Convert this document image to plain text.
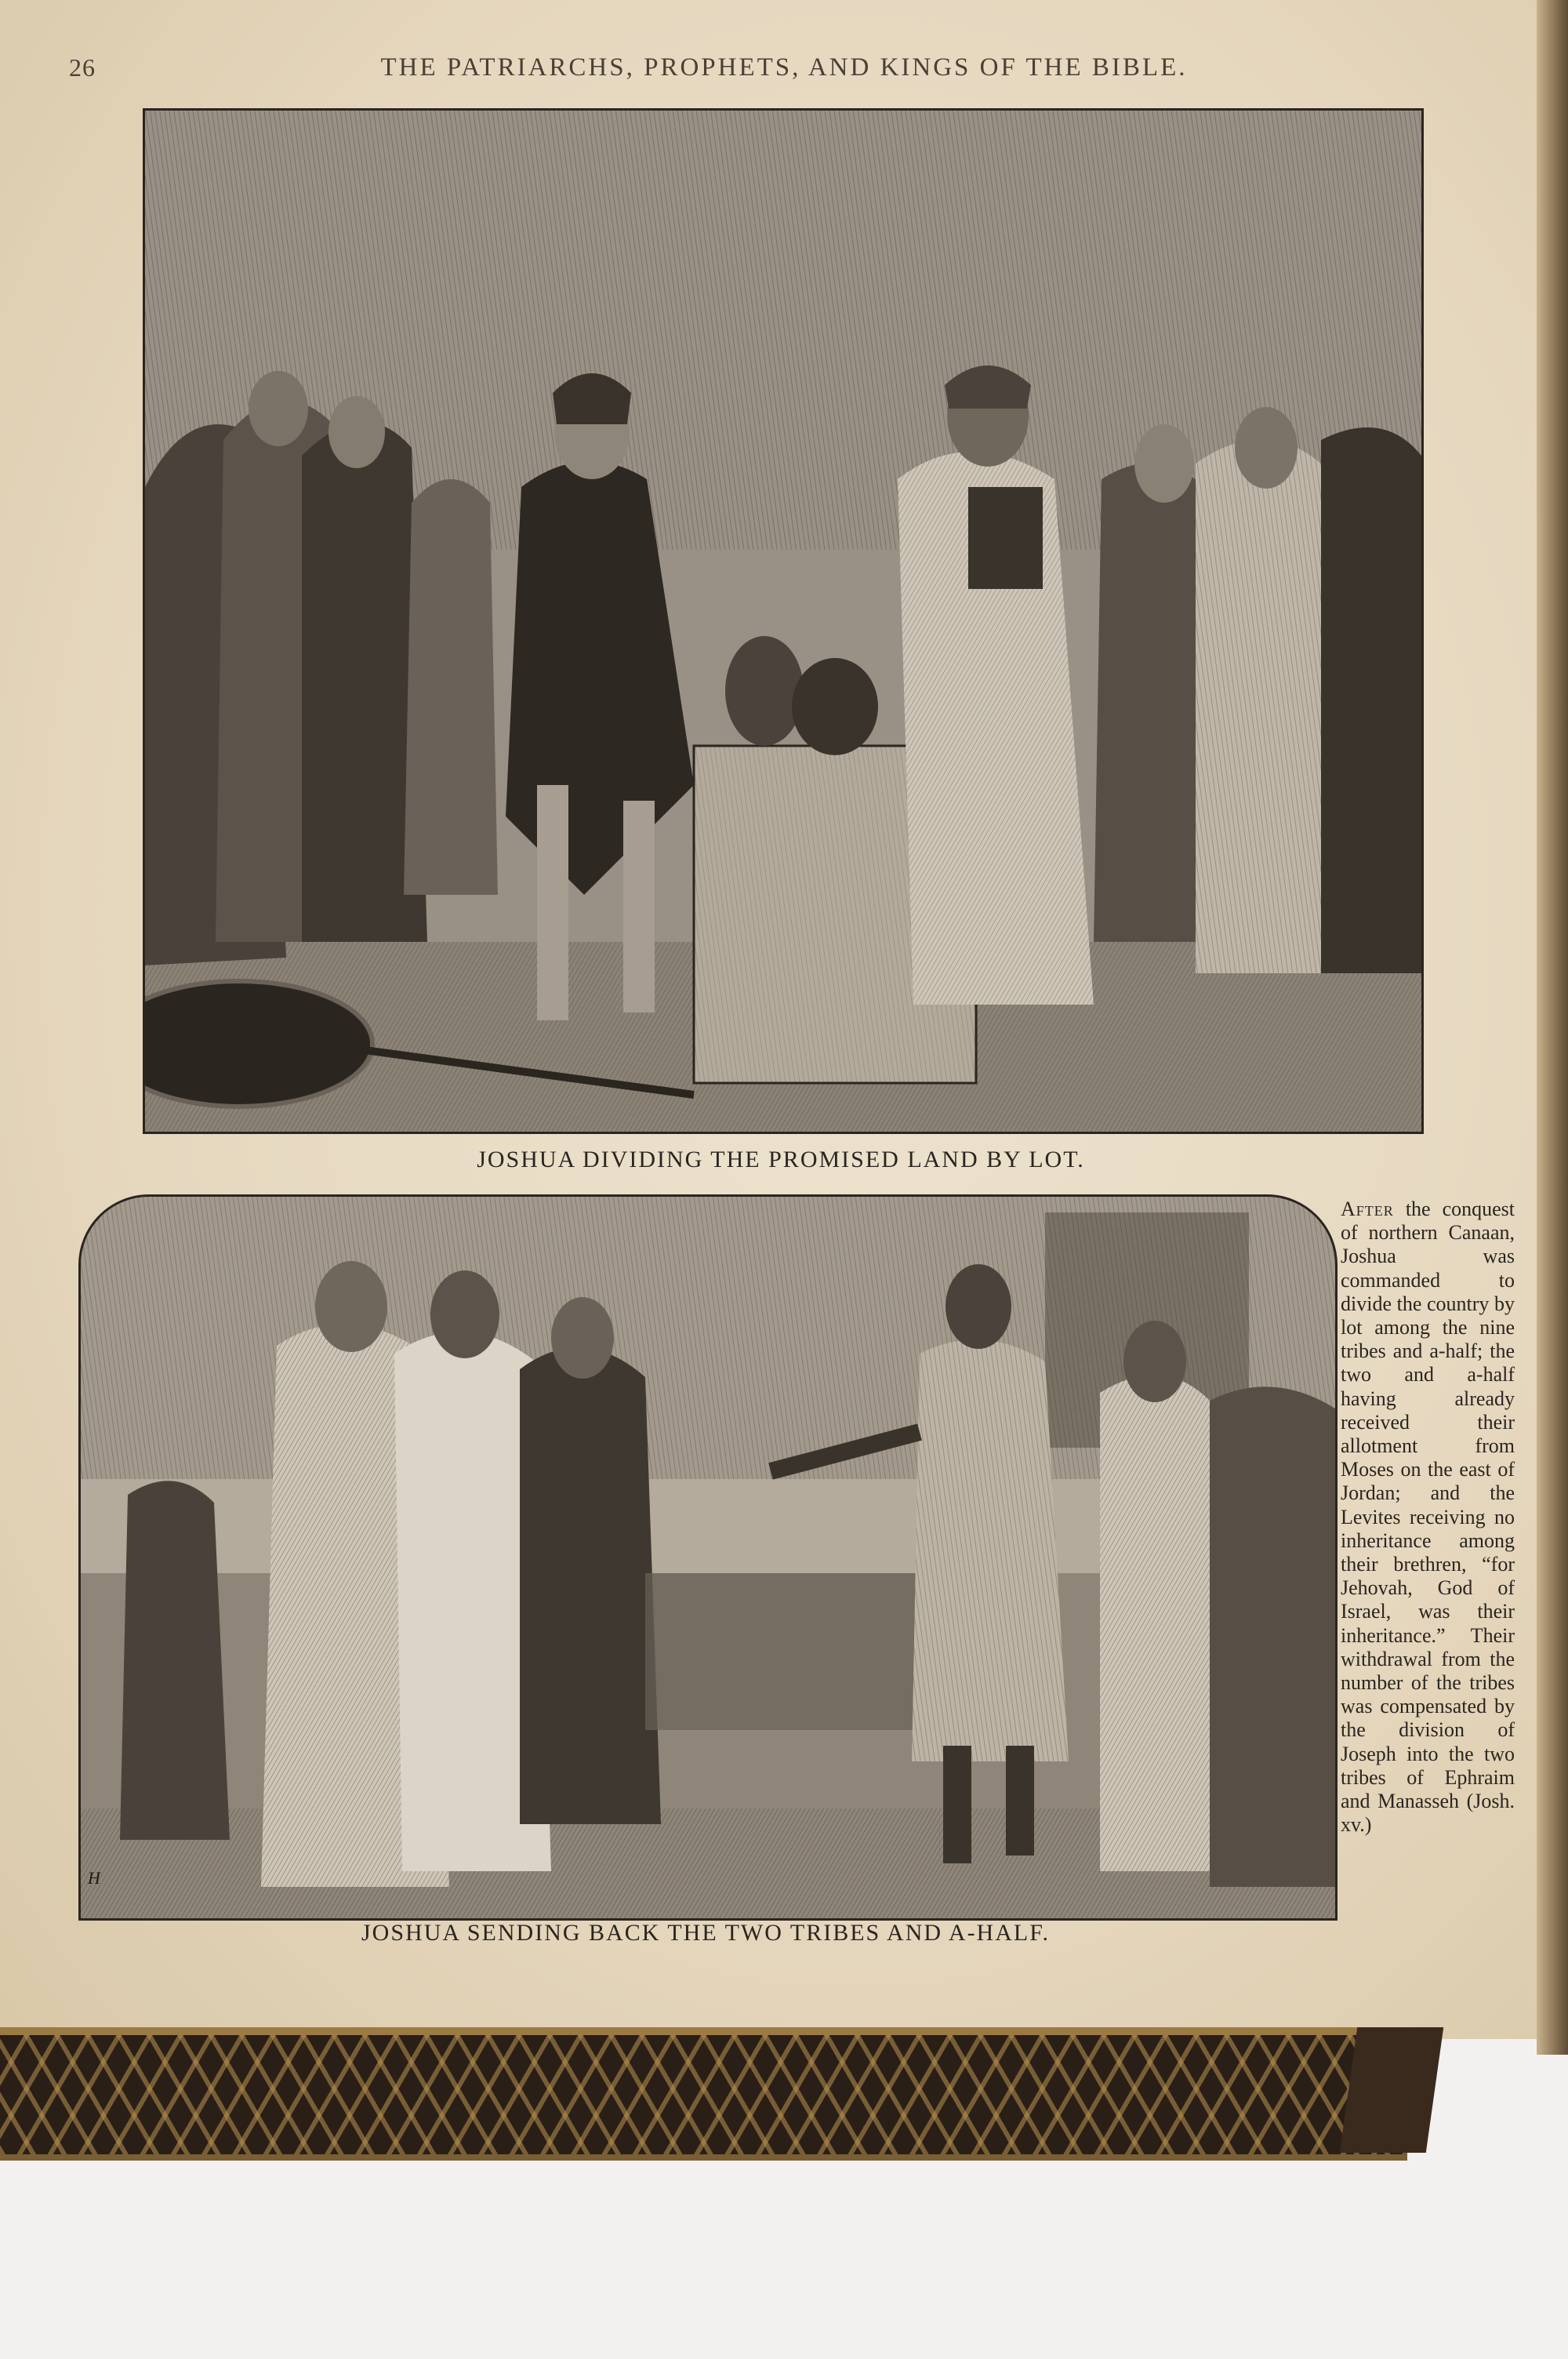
26	THE PATRIARCHS, PROPHETS, AND KINGS OF THE BIBLE.
JOSHUA DIVIDING THE PROMISED LAND BY LOT.
H
JOSHUA SENDING BACK THE TWO TRIBES AND A-HALF.
After the conquest of northern Canaan, Joshua was commanded to divide the country by lot among the nine tribes and a-half; the two and a-half having already received their allotment from Moses on the east of Jordan; and the Levites receiving no inheritance among their brethren, “for Jehovah, God of Israel, was their inheritance.” Their withdrawal from the number of the tribes was compensated by the division of Joseph into the two tribes of Ephraim and Manasseh (Josh. xv.)
